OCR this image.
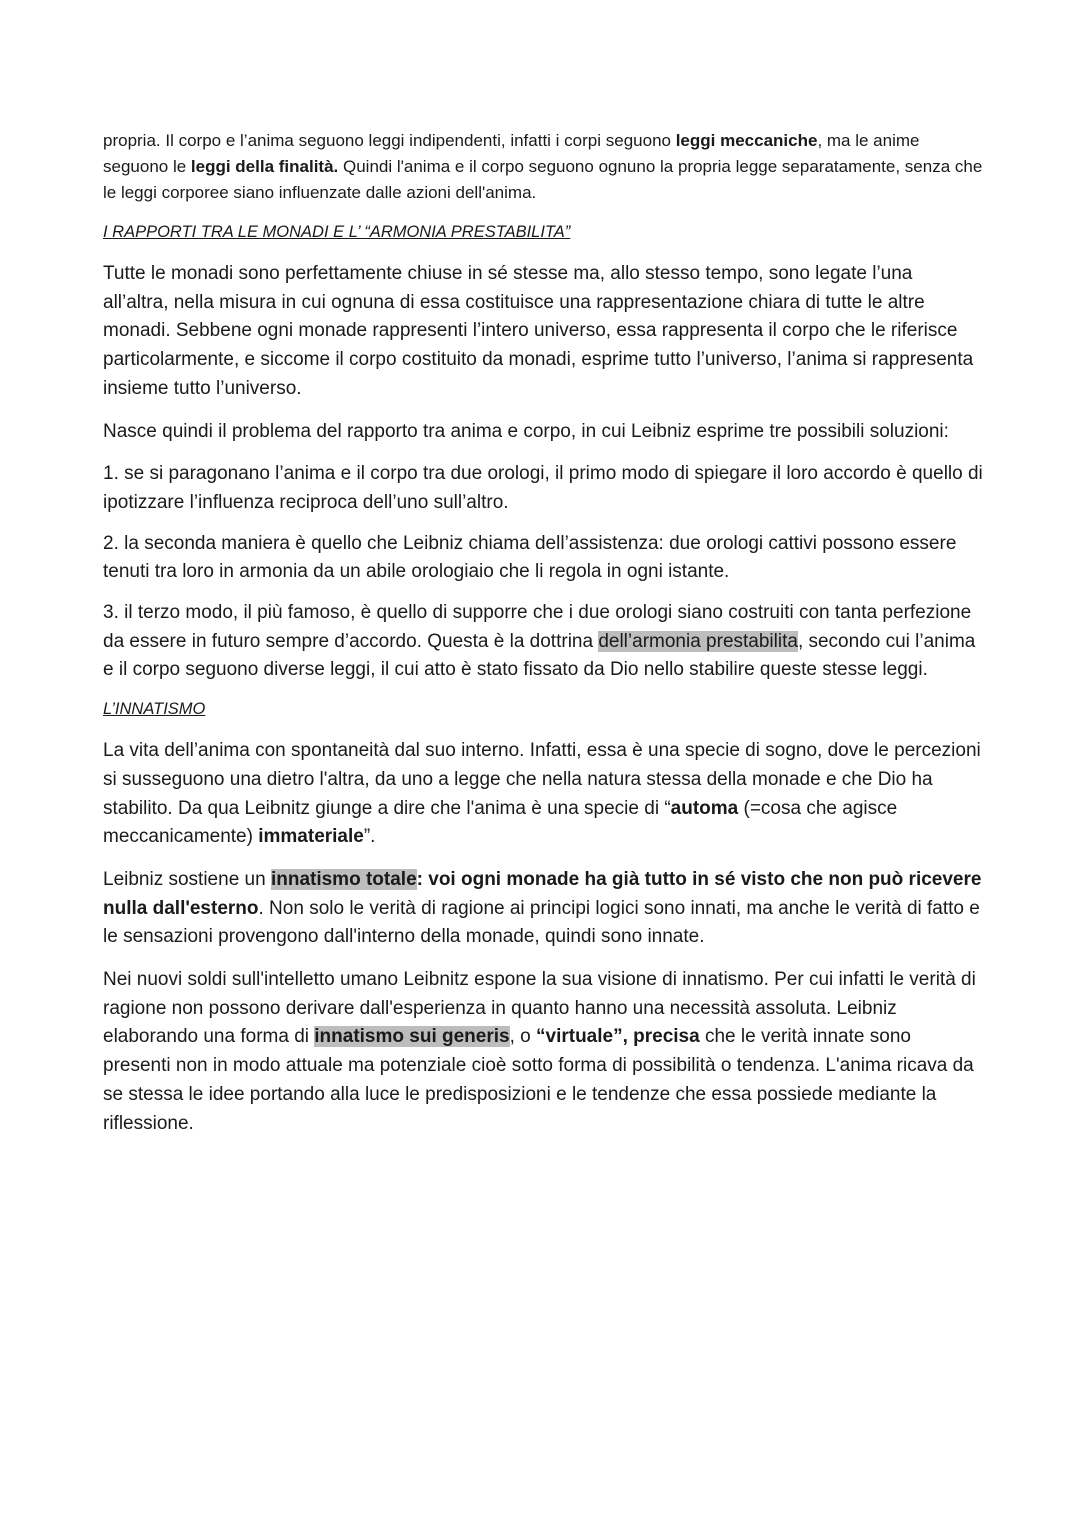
propria. Il corpo e l’anima seguono leggi indipendenti, infatti i corpi seguono leggi meccaniche, ma le anime seguono le leggi della finalità. Quindi l'anima e il corpo seguono ognuno la propria legge separatamente, senza che le leggi corporee siano influenzate dalle azioni dell'anima.

I RAPPORTI TRA LE MONADI E L’ “ARMONIA PRESTABILITA”

Tutte le monadi sono perfettamente chiuse in sé stesse ma, allo stesso tempo, sono legate l’una all’altra, nella misura in cui ognuna di essa costituisce una rappresentazione chiara di tutte le altre monadi. Sebbene ogni monade rappresenti l’intero universo, essa rappresenta il corpo che le riferisce particolarmente, e siccome il corpo costituito da monadi, esprime tutto l’universo, l’anima si rappresenta insieme tutto l’universo.

Nasce quindi il problema del rapporto tra anima e corpo, in cui Leibniz esprime tre possibili soluzioni:

1. se si paragonano l’anima e il corpo tra due orologi, il primo modo di spiegare il loro accordo è quello di ipotizzare l’influenza reciproca dell’uno sull’altro.

2. la seconda maniera è quello che Leibniz chiama dell’assistenza: due orologi cattivi possono essere tenuti tra loro in armonia da un abile orologiaio che li regola in ogni istante.

3. il terzo modo, il più famoso, è quello di supporre che i due orologi siano costruiti con tanta perfezione da essere in futuro sempre d’accordo. Questa è la dottrina dell’armonia prestabilita, secondo cui l’anima e il corpo seguono diverse leggi, il cui atto è stato fissato da Dio nello stabilire queste stesse leggi.

L’INNATISMO

La vita dell’anima con spontaneità dal suo interno. Infatti, essa è una specie di sogno, dove le percezioni si susseguono una dietro l'altra, da uno a legge che nella natura stessa della monade e che Dio ha stabilito. Da qua Leibnitz giunge a dire che l'anima è una specie di “automa (=cosa che agisce meccanicamente) immateriale”.

Leibniz sostiene un innatismo totale: voi ogni monade ha già tutto in sé visto che non può ricevere nulla dall'esterno. Non solo le verità di ragione ai principi logici sono innati, ma anche le verità di fatto e le sensazioni provengono dall'interno della monade, quindi sono innate.

Nei nuovi soldi sull'intelletto umano Leibnitz espone la sua visione di innatismo. Per cui infatti le verità di ragione non possono derivare dall'esperienza in quanto hanno una necessità assoluta. Leibniz elaborando una forma di innatismo sui generis, o “virtuale”, precisa che le verità innate sono presenti non in modo attuale ma potenziale cioè sotto forma di possibilità o tendenza. L'anima ricava da se stessa le idee portando alla luce le predisposizioni e le tendenze che essa possiede mediante la riflessione.
